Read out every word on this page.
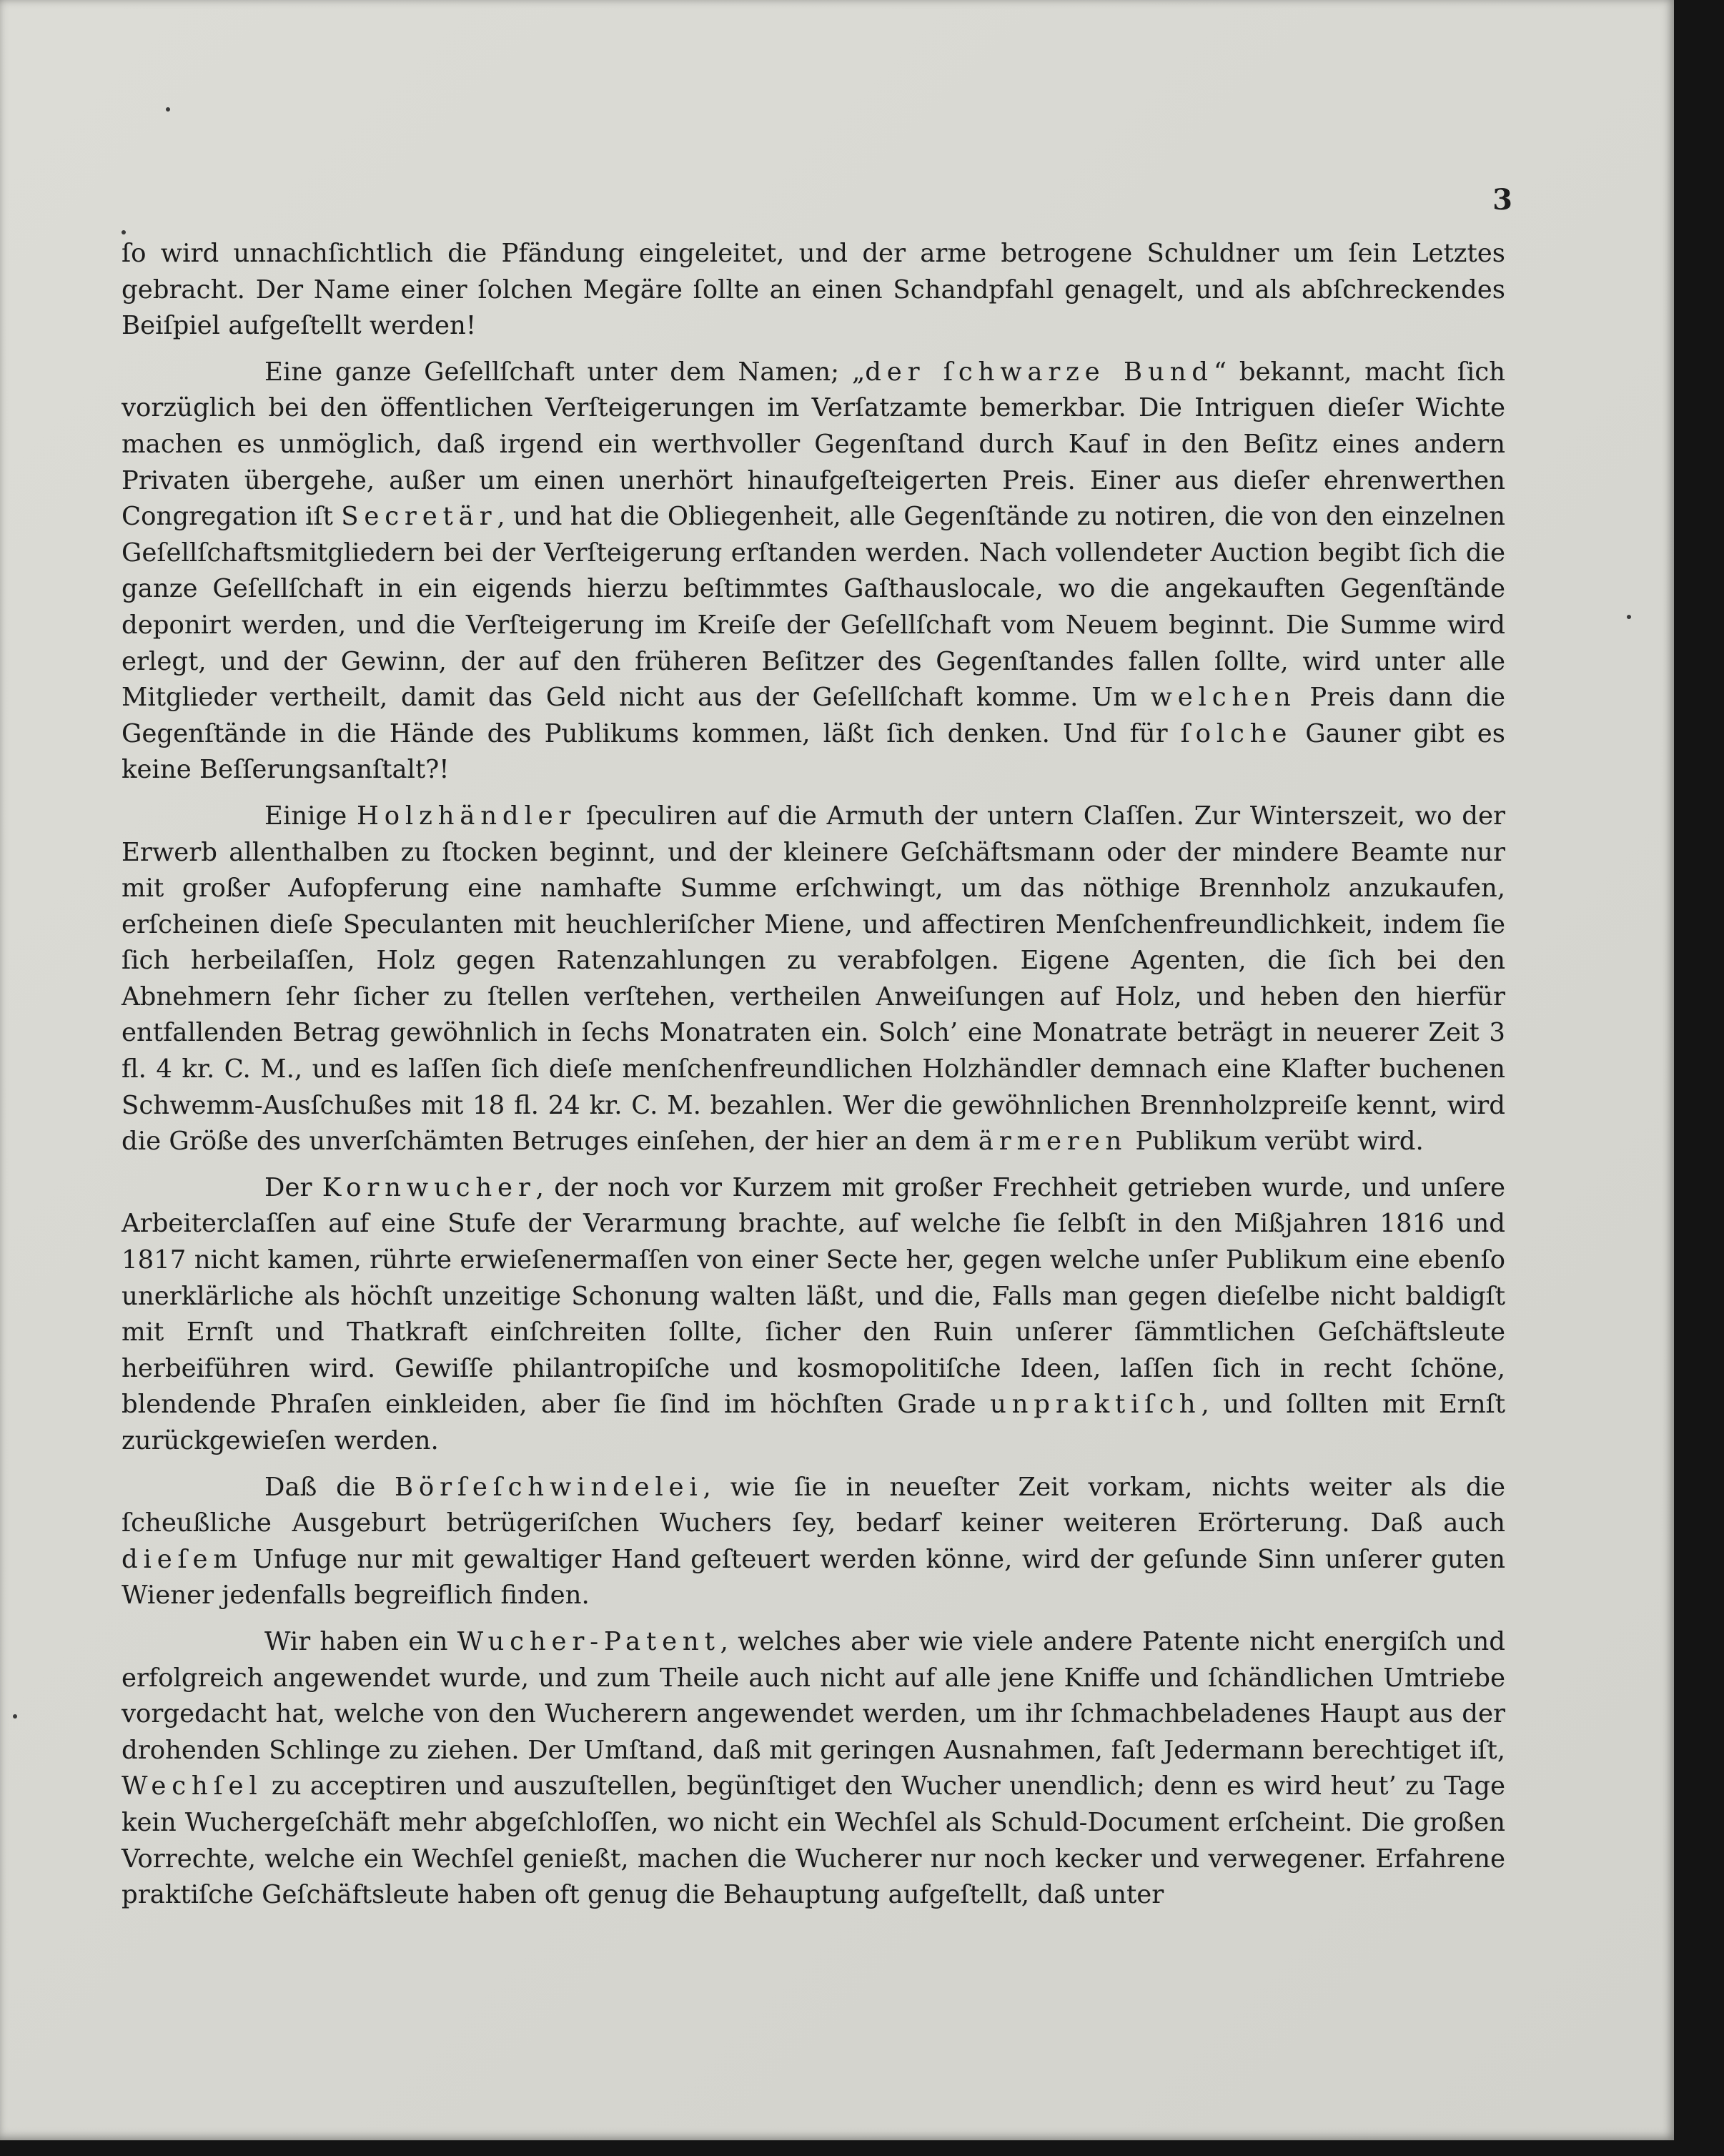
3

ſo wird unnachſichtlich die Pfändung eingeleitet, und der arme betrogene Schuldner um ſein Letztes gebracht. Der Name einer ſolchen Megäre ſollte an einen Schandpfahl genagelt, und als abſchreckendes Beiſpiel aufgeſtellt werden!

Eine ganze Geſellſchaft unter dem Namen; „der ſchwarze Bund“ bekannt, macht ſich vorzüglich bei den öffentlichen Verſteigerungen im Verſatzamte bemerkbar. Die Intriguen dieſer Wichte machen es unmöglich, daß irgend ein werthvoller Gegenſtand durch Kauf in den Beſitz eines andern Privaten übergehe, außer um einen unerhört hinaufgeſteigerten Preis. Einer aus dieſer ehrenwerthen Congregation iſt Secretär, und hat die Obliegenheit, alle Gegenſtände zu notiren, die von den einzelnen Geſellſchaftsmitgliedern bei der Verſteigerung erſtanden werden. Nach vollendeter Auction begibt ſich die ganze Geſellſchaft in ein eigends hierzu beſtimmtes Gaſthauslocale, wo die angekauften Gegenſtände deponirt werden, und die Verſteigerung im Kreiſe der Geſellſchaft vom Neuem beginnt. Die Summe wird erlegt, und der Gewinn, der auf den früheren Beſitzer des Gegenſtandes fallen ſollte, wird unter alle Mitglieder vertheilt, damit das Geld nicht aus der Geſellſchaft komme. Um welchen Preis dann die Gegenſtände in die Hände des Publikums kommen, läßt ſich denken. Und für ſolche Gauner gibt es keine Beſſerungsanſtalt?!

Einige Holzhändler ſpeculiren auf die Armuth der untern Claſſen. Zur Winterszeit, wo der Erwerb allenthalben zu ſtocken beginnt, und der kleinere Geſchäftsmann oder der mindere Beamte nur mit großer Aufopferung eine namhafte Summe erſchwingt, um das nöthige Brennholz anzukaufen, erſcheinen dieſe Speculanten mit heuchleriſcher Miene, und affectiren Menſchenfreundlichkeit, indem ſie ſich herbeilaſſen, Holz gegen Ratenzahlungen zu verabfolgen. Eigene Agenten, die ſich bei den Abnehmern ſehr ſicher zu ſtellen verſtehen, vertheilen Anweiſungen auf Holz, und heben den hierfür entfallenden Betrag gewöhnlich in ſechs Monatraten ein. Solch’ eine Monatrate beträgt in neuerer Zeit 3 fl. 4 kr. C. M., und es laſſen ſich dieſe menſchenfreundlichen Holzhändler demnach eine Klafter buchenen Schwemm-Ausſchußes mit 18 fl. 24 kr. C. M. bezahlen. Wer die gewöhnlichen Brennholzpreiſe kennt, wird die Größe des unverſchämten Betruges einſehen, der hier an dem ärmeren Publikum verübt wird.

Der Kornwucher, der noch vor Kurzem mit großer Frechheit getrieben wurde, und unſere Arbeiterclaſſen auf eine Stufe der Verarmung brachte, auf welche ſie ſelbſt in den Mißjahren 1816 und 1817 nicht kamen, rührte erwieſenermaſſen von einer Secte her, gegen welche unſer Publikum eine ebenſo unerklärliche als höchſt unzeitige Schonung walten läßt, und die, Falls man gegen dieſelbe nicht baldigſt mit Ernſt und Thatkraft einſchreiten ſollte, ſicher den Ruin unſerer ſämmtlichen Geſchäftsleute herbeiführen wird. Gewiſſe philantropiſche und kosmopolitiſche Ideen, laſſen ſich in recht ſchöne, blendende Phraſen einkleiden, aber ſie ſind im höchſten Grade unpraktiſch, und ſollten mit Ernſt zurückgewieſen werden.

Daß die Börſeſchwindelei, wie ſie in neueſter Zeit vorkam, nichts weiter als die ſcheußliche Ausgeburt betrügeriſchen Wuchers ſey, bedarf keiner weiteren Erörterung. Daß auch dieſem Unfuge nur mit gewaltiger Hand geſteuert werden könne, wird der geſunde Sinn unſerer guten Wiener jedenfalls begreiflich finden.

Wir haben ein Wucher-Patent, welches aber wie viele andere Patente nicht energiſch und erfolgreich angewendet wurde, und zum Theile auch nicht auf alle jene Kniffe und ſchändlichen Umtriebe vorgedacht hat, welche von den Wucherern angewendet werden, um ihr ſchmachbeladenes Haupt aus der drohenden Schlinge zu ziehen. Der Umſtand, daß mit geringen Ausnahmen, faſt Jedermann berechtiget iſt, Wechſel zu acceptiren und auszuſtellen, begünſtiget den Wucher unendlich; denn es wird heut’ zu Tage kein Wuchergeſchäft mehr abgeſchloſſen, wo nicht ein Wechſel als Schuld-Document erſcheint. Die großen Vorrechte, welche ein Wechſel genießt, machen die Wucherer nur noch kecker und verwegener. Erfahrene praktiſche Geſchäftsleute haben oft genug die Behauptung aufgeſtellt, daß unter
